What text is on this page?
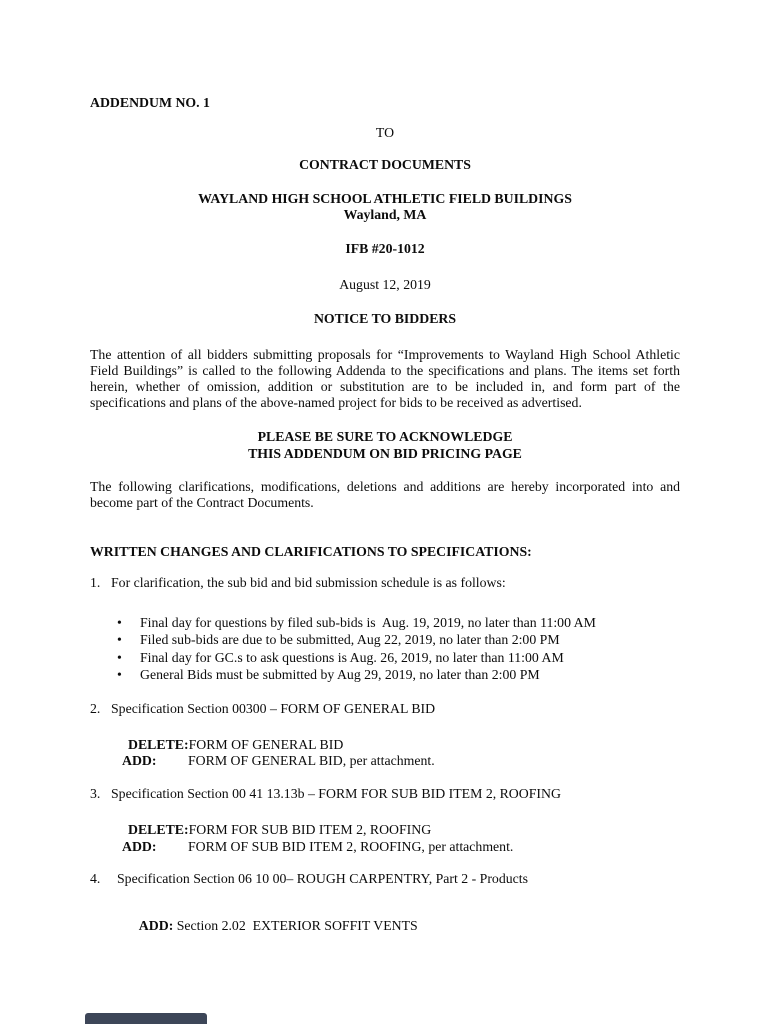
ADDENDUM NO. 1
TO
CONTRACT DOCUMENTS
WAYLAND HIGH SCHOOL ATHLETIC FIELD BUILDINGS
Wayland, MA
IFB #20-1012
August 12, 2019
NOTICE TO BIDDERS
The attention of all bidders submitting proposals for “Improvements to Wayland High School Athletic Field Buildings” is called to the following Addenda to the specifications and plans. The items set forth herein, whether of omission, addition or substitution are to be included in, and form part of the specifications and plans of the above-named project for bids to be received as advertised.
PLEASE BE SURE TO ACKNOWLEDGE
THIS ADDENDUM ON BID PRICING PAGE
The following clarifications, modifications, deletions and additions are hereby incorporated into and become part of the Contract Documents.
WRITTEN CHANGES AND CLARIFICATIONS TO SPECIFICATIONS:
1. For clarification, the sub bid and bid submission schedule is as follows:
•	Final day for questions by filed sub-bids is  Aug. 19, 2019, no later than 11:00 AM
•	Filed sub-bids are due to be submitted, Aug 22, 2019, no later than 2:00 PM
•	Final day for GC.s to ask questions is Aug. 26, 2019, no later than 11:00 AM
•	General Bids must be submitted by Aug 29, 2019, no later than 2:00 PM
2. Specification Section 00300 – FORM OF GENERAL BID
DELETE: FORM OF GENERAL BID
ADD:	FORM OF GENERAL BID, per attachment.
3. Specification Section 00 41 13.13b – FORM FOR SUB BID ITEM 2, ROOFING
DELETE: FORM FOR SUB BID ITEM 2, ROOFING
ADD:	FORM OF SUB BID ITEM 2, ROOFING, per attachment.
4.	Specification Section 06 10 00– ROUGH CARPENTRY, Part 2 - Products

ADD: Section 2.02  EXTERIOR SOFFIT VENTS
